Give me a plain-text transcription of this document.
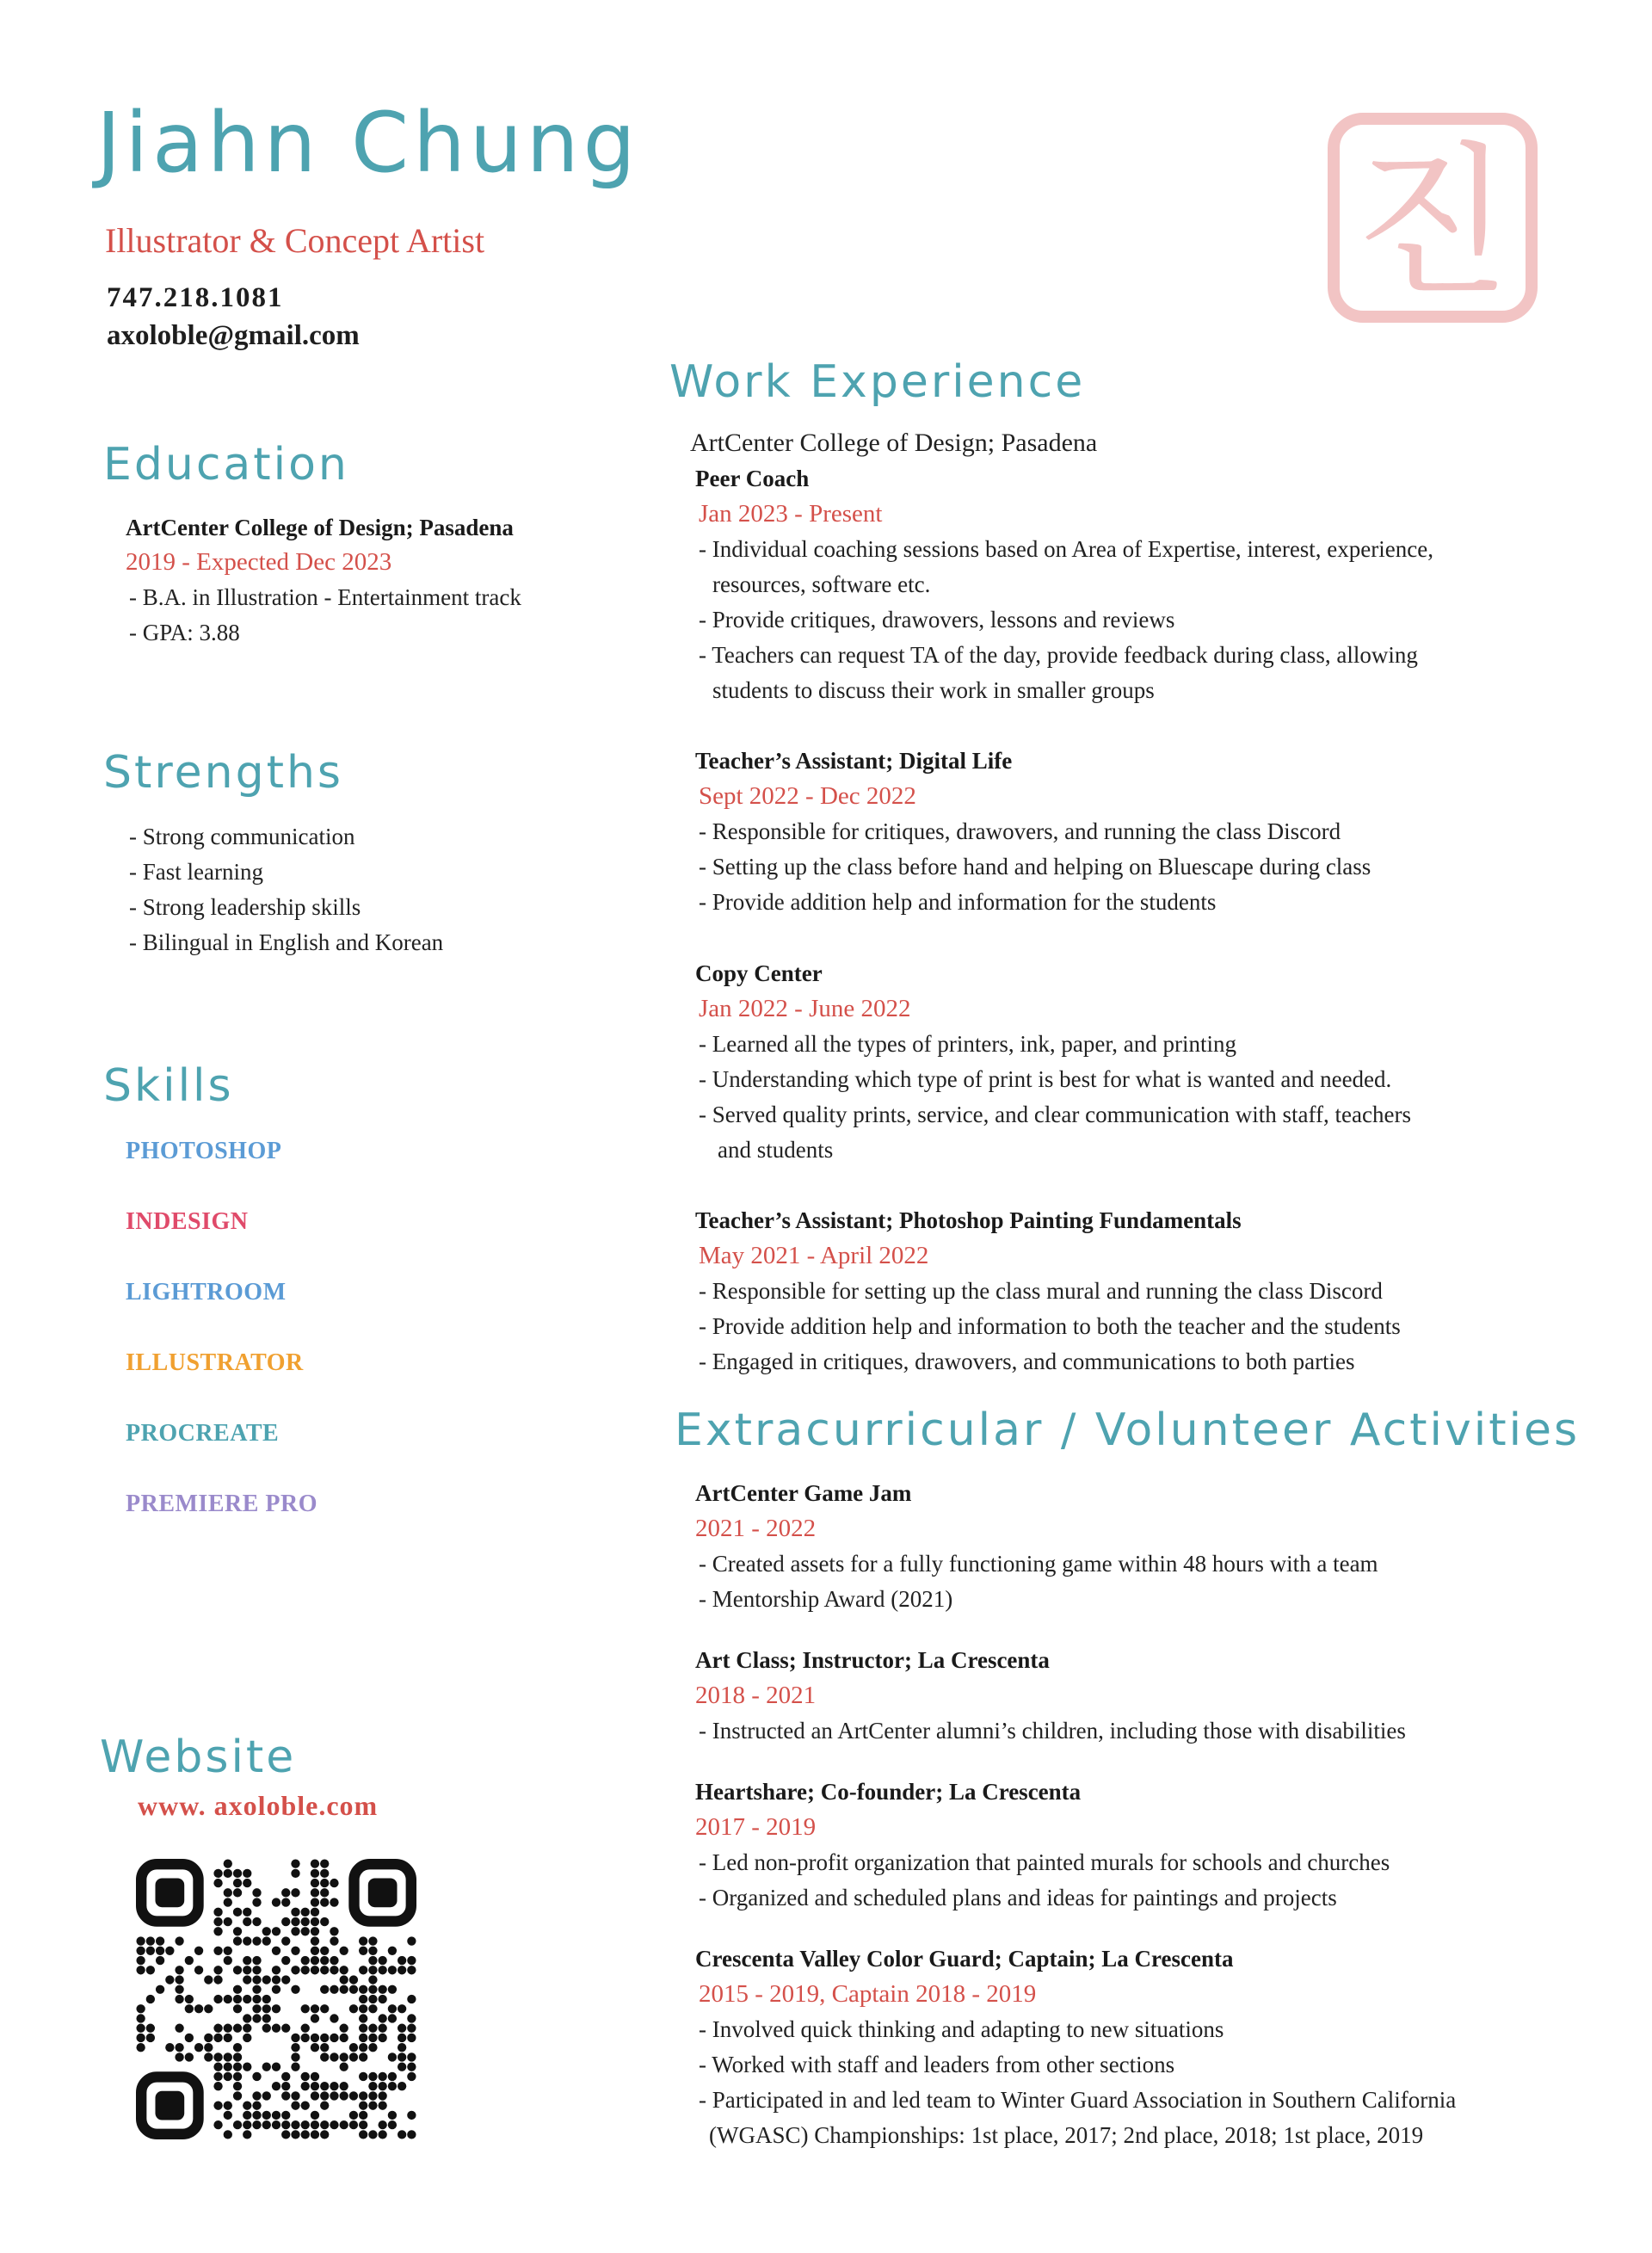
Jiahn Chung
Illustrator & Concept Artist
747.218.1081
axoloble@gmail.com
진
Education
ArtCenter College of Design; Pasadena
2019 - Expected Dec 2023
- B.A. in Illustration - Entertainment track
- GPA: 3.88
Strengths
- Strong communication
- Fast learning
- Strong leadership skills
- Bilingual in English and Korean
Skills
PHOTOSHOP
INDESIGN
LIGHTROOM
ILLUSTRATOR
PROCREATE
PREMIERE PRO
Website
www. axoloble.com
Work Experience
ArtCenter College of Design; Pasadena
Peer Coach
Jan 2023 - Present
- Individual coaching sessions based on Area of Expertise, interest, experience,
resources, software etc.
- Provide critiques, drawovers, lessons and reviews
- Teachers can request TA of the day, provide feedback during class, allowing
students to discuss their work in smaller groups
Teacher’s Assistant; Digital Life
Sept 2022 - Dec 2022
- Responsible for critiques, drawovers, and running the class Discord
- Setting up the class before hand and helping on Bluescape during class
- Provide addition help and information for the students
Copy Center
Jan 2022 - June 2022
- Learned all the types of printers, ink, paper, and printing
- Understanding which type of print is best for what is wanted and needed.
- Served quality prints, service, and clear communication with staff, teachers
and students
Teacher’s Assistant; Photoshop Painting Fundamentals
May 2021 - April 2022
- Responsible for setting up the class mural and running the class Discord
- Provide addition help and information to both the teacher and the students
- Engaged in critiques, drawovers, and communications to both parties
Extracurricular / Volunteer Activities
ArtCenter Game Jam
2021 - 2022
- Created assets for a fully functioning game within 48 hours with a team
- Mentorship Award (2021)
Art Class; Instructor; La Crescenta
2018 - 2021
- Instructed an ArtCenter alumni’s children, including those with disabilities
Heartshare; Co-founder; La Crescenta
2017 - 2019
- Led non-profit organization that painted murals for schools and churches
- Organized and scheduled plans and ideas for paintings and projects
Crescenta Valley Color Guard; Captain; La Crescenta
2015 - 2019, Captain 2018 - 2019
- Involved quick thinking and adapting to new situations
- Worked with staff and leaders from other sections
- Participated in and led team to Winter Guard Association in Southern California
(WGASC) Championships: 1st place, 2017; 2nd place, 2018; 1st place, 2019
